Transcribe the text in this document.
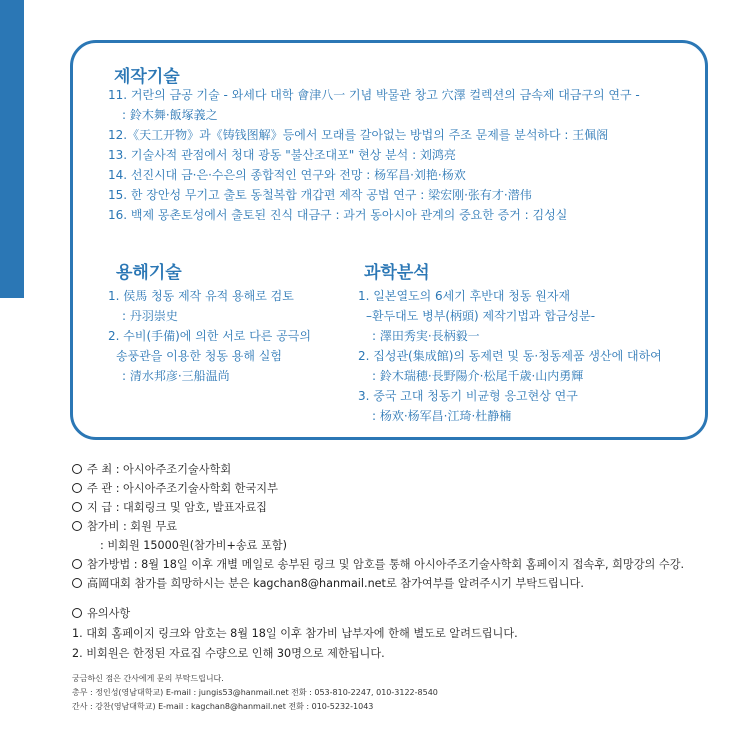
제작기술
11. 거란의 금공 기술 - 와세다 대학 會津八一 기념 박물관 창고 穴澤 컬렉션의 금속제 대금구의 연구 -
: 鈴木舞·飯塚義之
12.《天工开物》과《铸钱图解》등에서 모래를 갈아없는 방법의 주조 문제를 분석하다 : 王佩阁
13. 기술사적 관점에서 청대 광동 "불산조대포" 현상 분석 : 刘鸿亮
14. 선진시대 금·은·수은의 종합적인 연구와 전망 : 杨军昌·刘艳·杨欢
15. 한 장안성 무기고 출토 동철복합 개갑편 제작 공법 연구 : 梁宏刚·张有才·潜伟
16. 백제 몽촌토성에서 출토된 진식 대금구 : 과거 동아시아 관계의 중요한 증거 : 김성실
용해기술
1. 侯馬 청동 제작 유적 용해로 검토
: 丹羽崇史
2. 수비(手備)에 의한 서로 다른 공극의
송풍관을 이용한 청동 용해 실험
: 清水邦彦·三船温尚
과학분석
1. 일본열도의 6세기 후반대 청동 원자재
–환두대도 병부(柄頭) 제작기법과 합금성분-
: 澤田秀実·長柄毅一
2. 집성관(集成館)의 동제련 및 동·청동제품 생산에 대하여
: 鈴木瑞穂·長野陽介·松尾千歳·山内勇輝
3. 중국 고대 청동기 비균형 응고현상 연구
: 杨欢·杨军昌·江琦·杜静楠
주 최 : 아시아주조기술사학회
주 관 : 아시아주조기술사학회 한국지부
지 급 : 대회링크 및 암호, 발표자료집
참가비 : 회원 무료
: 비회원 15000원(참가비+송료 포함)
참가방법 : 8월 18일 이후 개별 메일로 송부된 링크 및 암호를 통해 아시아주조기술사학회 홈페이지 접속후, 희망강의 수강.
高岡대회 참가를 희망하시는 분은 kagchan8@hanmail.net로 참가여부를 알려주시기 부탁드립니다.
유의사항
1. 대회 홈페이지 링크와 암호는 8월 18일 이후 참가비 납부자에 한해 별도로 알려드립니다.
2. 비회원은 한정된 자료집 수량으로 인해 30명으로 제한됩니다.
궁금하신 점은 간사에게 문의 부탁드립니다.
총무 : 정인성(영남대학교) E-mail : jungis53@hanmail.net 전화 : 053-810-2247, 010-3122-8540
간사 : 강찬(영남대학교) E-mail : kagchan8@hanmail.net 전화 : 010-5232-1043
